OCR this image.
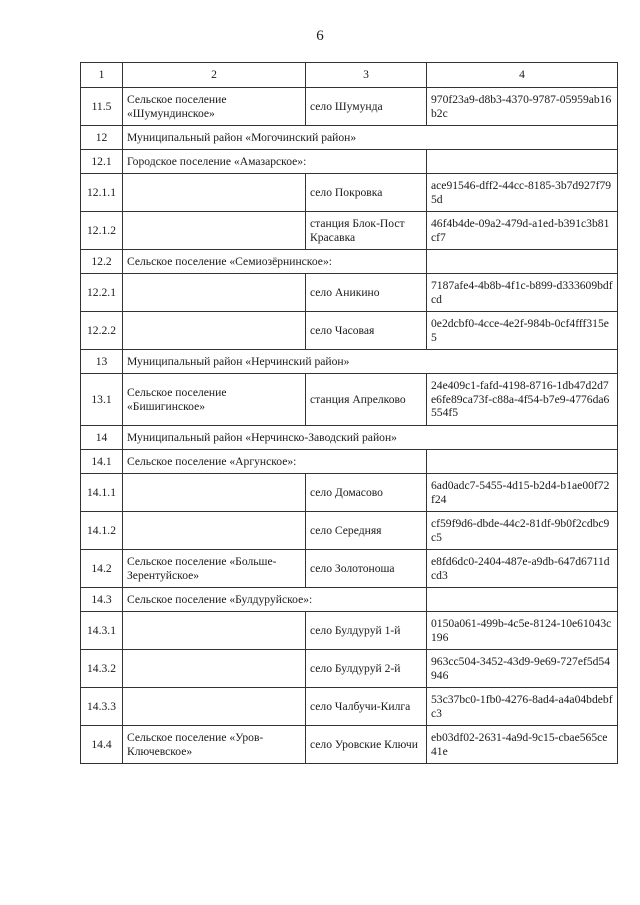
6
1	2	3	4
11.5	Сельское поселение «Шумундинское»	село Шумунда	970f23a9-d8b3-4370-9787-05959ab16b2c
12	Муниципальный район «Могочинский район»		
12.1	Городское поселение «Амазарское»:		
12.1.1		село Покровка	ace91546-dff2-44cc-8185-3b7d927f795d
12.1.2		станция Блок-Пост Красавка	46f4b4de-09a2-479d-a1ed-b391c3b81cf7
12.2	Сельское поселение «Семиозёрнинское»:		
12.2.1		село Аникино	7187afe4-4b8b-4f1c-b899-d333609bdfcd
12.2.2		село Часовая	0e2dcbf0-4cce-4e2f-984b-0cf4fff315e5
13	Муниципальный район «Нерчинский район»		
13.1	Сельское поселение «Бишигинское»	станция Апрелково	24e409c1-fafd-4198-8716-1db47d2d7e6fe89ca73f-c88a-4f54-b7e9-4776da6554f5
14	Муниципальный район «Нерчинско-Заводский район»		
14.1	Сельское поселение «Аргунское»:		
14.1.1		село Домасово	6ad0adc7-5455-4d15-b2d4-b1ae00f72f24
14.1.2		село Середняя	cf59f9d6-dbde-44c2-81df-9b0f2cdbc9c5
14.2	Сельское поселение «Больше-Зерентуйское»	село Золотоноша	e8fd6dc0-2404-487e-a9db-647d6711dcd3
14.3	Сельское поселение «Булдуруйское»:		
14.3.1		село Булдуруй 1-й	0150a061-499b-4c5e-8124-10e61043c196
14.3.2		село Булдуруй 2-й	963cc504-3452-43d9-9e69-727ef5d54946
14.3.3		село Чалбучи-Килга	53c37bc0-1fb0-4276-8ad4-a4a04bdebfc3
14.4	Сельское поселение «Уров-Ключевское»	село Уровские Ключи	eb03df02-2631-4a9d-9c15-cbae565ce41e
